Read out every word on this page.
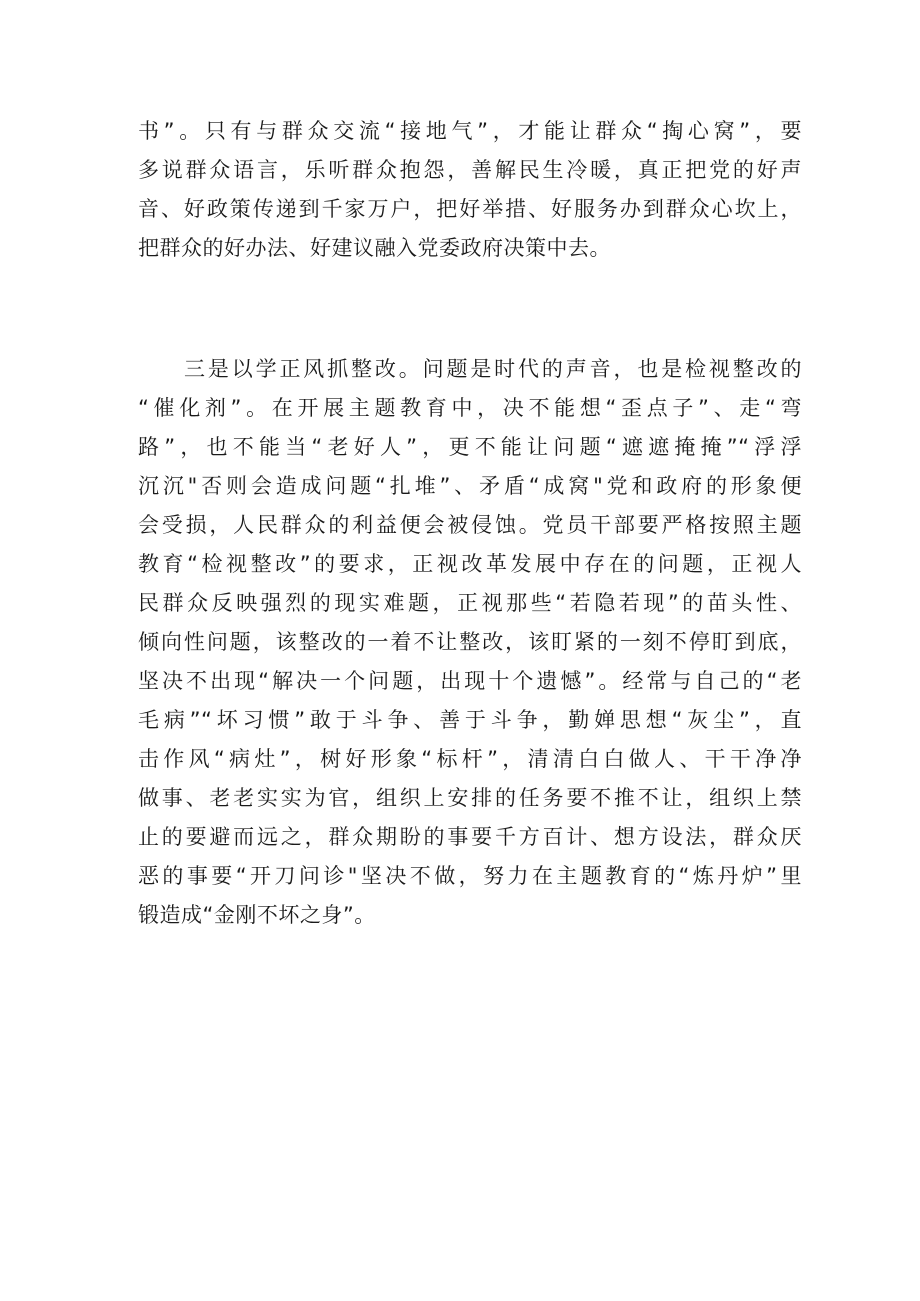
书”。只有与群众交流“接地气”，才能让群众“掏心窝”，要
多说群众语言，乐听群众抱怨，善解民生冷暖，真正把党的好声
音、好政策传递到千家万户，把好举措、好服务办到群众心坎上，
把群众的好办法、好建议融入党委政府决策中去。
三是以学正风抓整改。问题是时代的声音，也是检视整改的
“催化剂”。在开展主题教育中，决不能想“歪点子”、走“弯
路”，也不能当“老好人”，更不能让问题“遮遮掩掩”“浮浮
沉沉"否则会造成问题“扎堆”、矛盾“成窝"党和政府的形象便
会受损，人民群众的利益便会被侵蚀。党员干部要严格按照主题
教育“检视整改”的要求，正视改革发展中存在的问题，正视人
民群众反映强烈的现实难题，正视那些“若隐若现”的苗头性、
倾向性问题，该整改的一着不让整改，该盯紧的一刻不停盯到底，
坚决不出现“解决一个问题，出现十个遗憾”。经常与自己的“老
毛病”“坏习惯”敢于斗争、善于斗争，勤婵思想“灰尘”，直
击作风“病灶”，树好形象“标杆”，清清白白做人、干干净净
做事、老老实实为官，组织上安排的任务要不推不让，组织上禁
止的要避而远之，群众期盼的事要千方百计、想方设法，群众厌
恶的事要“开刀问诊"坚决不做，努力在主题教育的“炼丹炉”里
锻造成“金刚不坏之身”。
